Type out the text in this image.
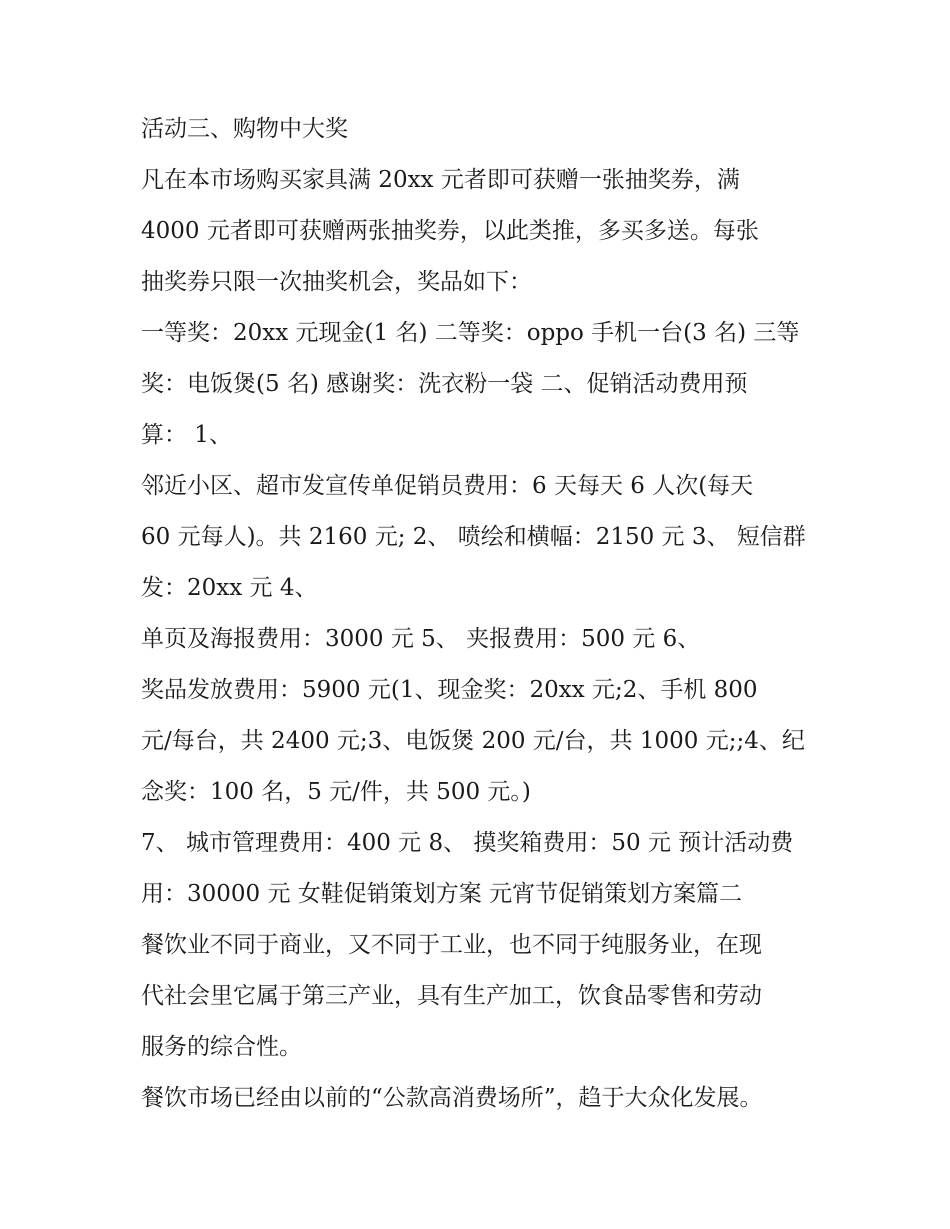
活动三、购物中大奖
凡在本市场购买家具满 20xx 元者即可获赠一张抽奖券，满
4000 元者即可获赠两张抽奖券，以此类推，多买多送。每张
抽奖券只限一次抽奖机会，奖品如下：
一等奖：20xx 元现金(1 名) 二等奖：oppo 手机一台(3 名) 三等
奖：电饭煲(5 名) 感谢奖：洗衣粉一袋 二、促销活动费用预
算： 1、
邻近小区、超市发宣传单促销员费用：6 天每天 6 人次(每天
60 元每人)。共 2160 元; 2、 喷绘和横幅：2150 元 3、 短信群
发：20xx 元 4、
单页及海报费用：3000 元 5、 夹报费用：500 元 6、
奖品发放费用：5900 元(1、现金奖：20xx 元;2、手机 800
元/每台，共 2400 元;3、电饭煲 200 元/台，共 1000 元;;4、纪
念奖：100 名，5 元/件，共 500 元。)
7、 城市管理费用：400 元 8、 摸奖箱费用：50 元 预计活动费
用：30000 元 女鞋促销策划方案 元宵节促销策划方案篇二
餐饮业不同于商业，又不同于工业，也不同于纯服务业，在现
代社会里它属于第三产业，具有生产加工，饮食品零售和劳动
服务的综合性。
餐饮市场已经由以前的“公款高消费场所”，趋于大众化发展。
